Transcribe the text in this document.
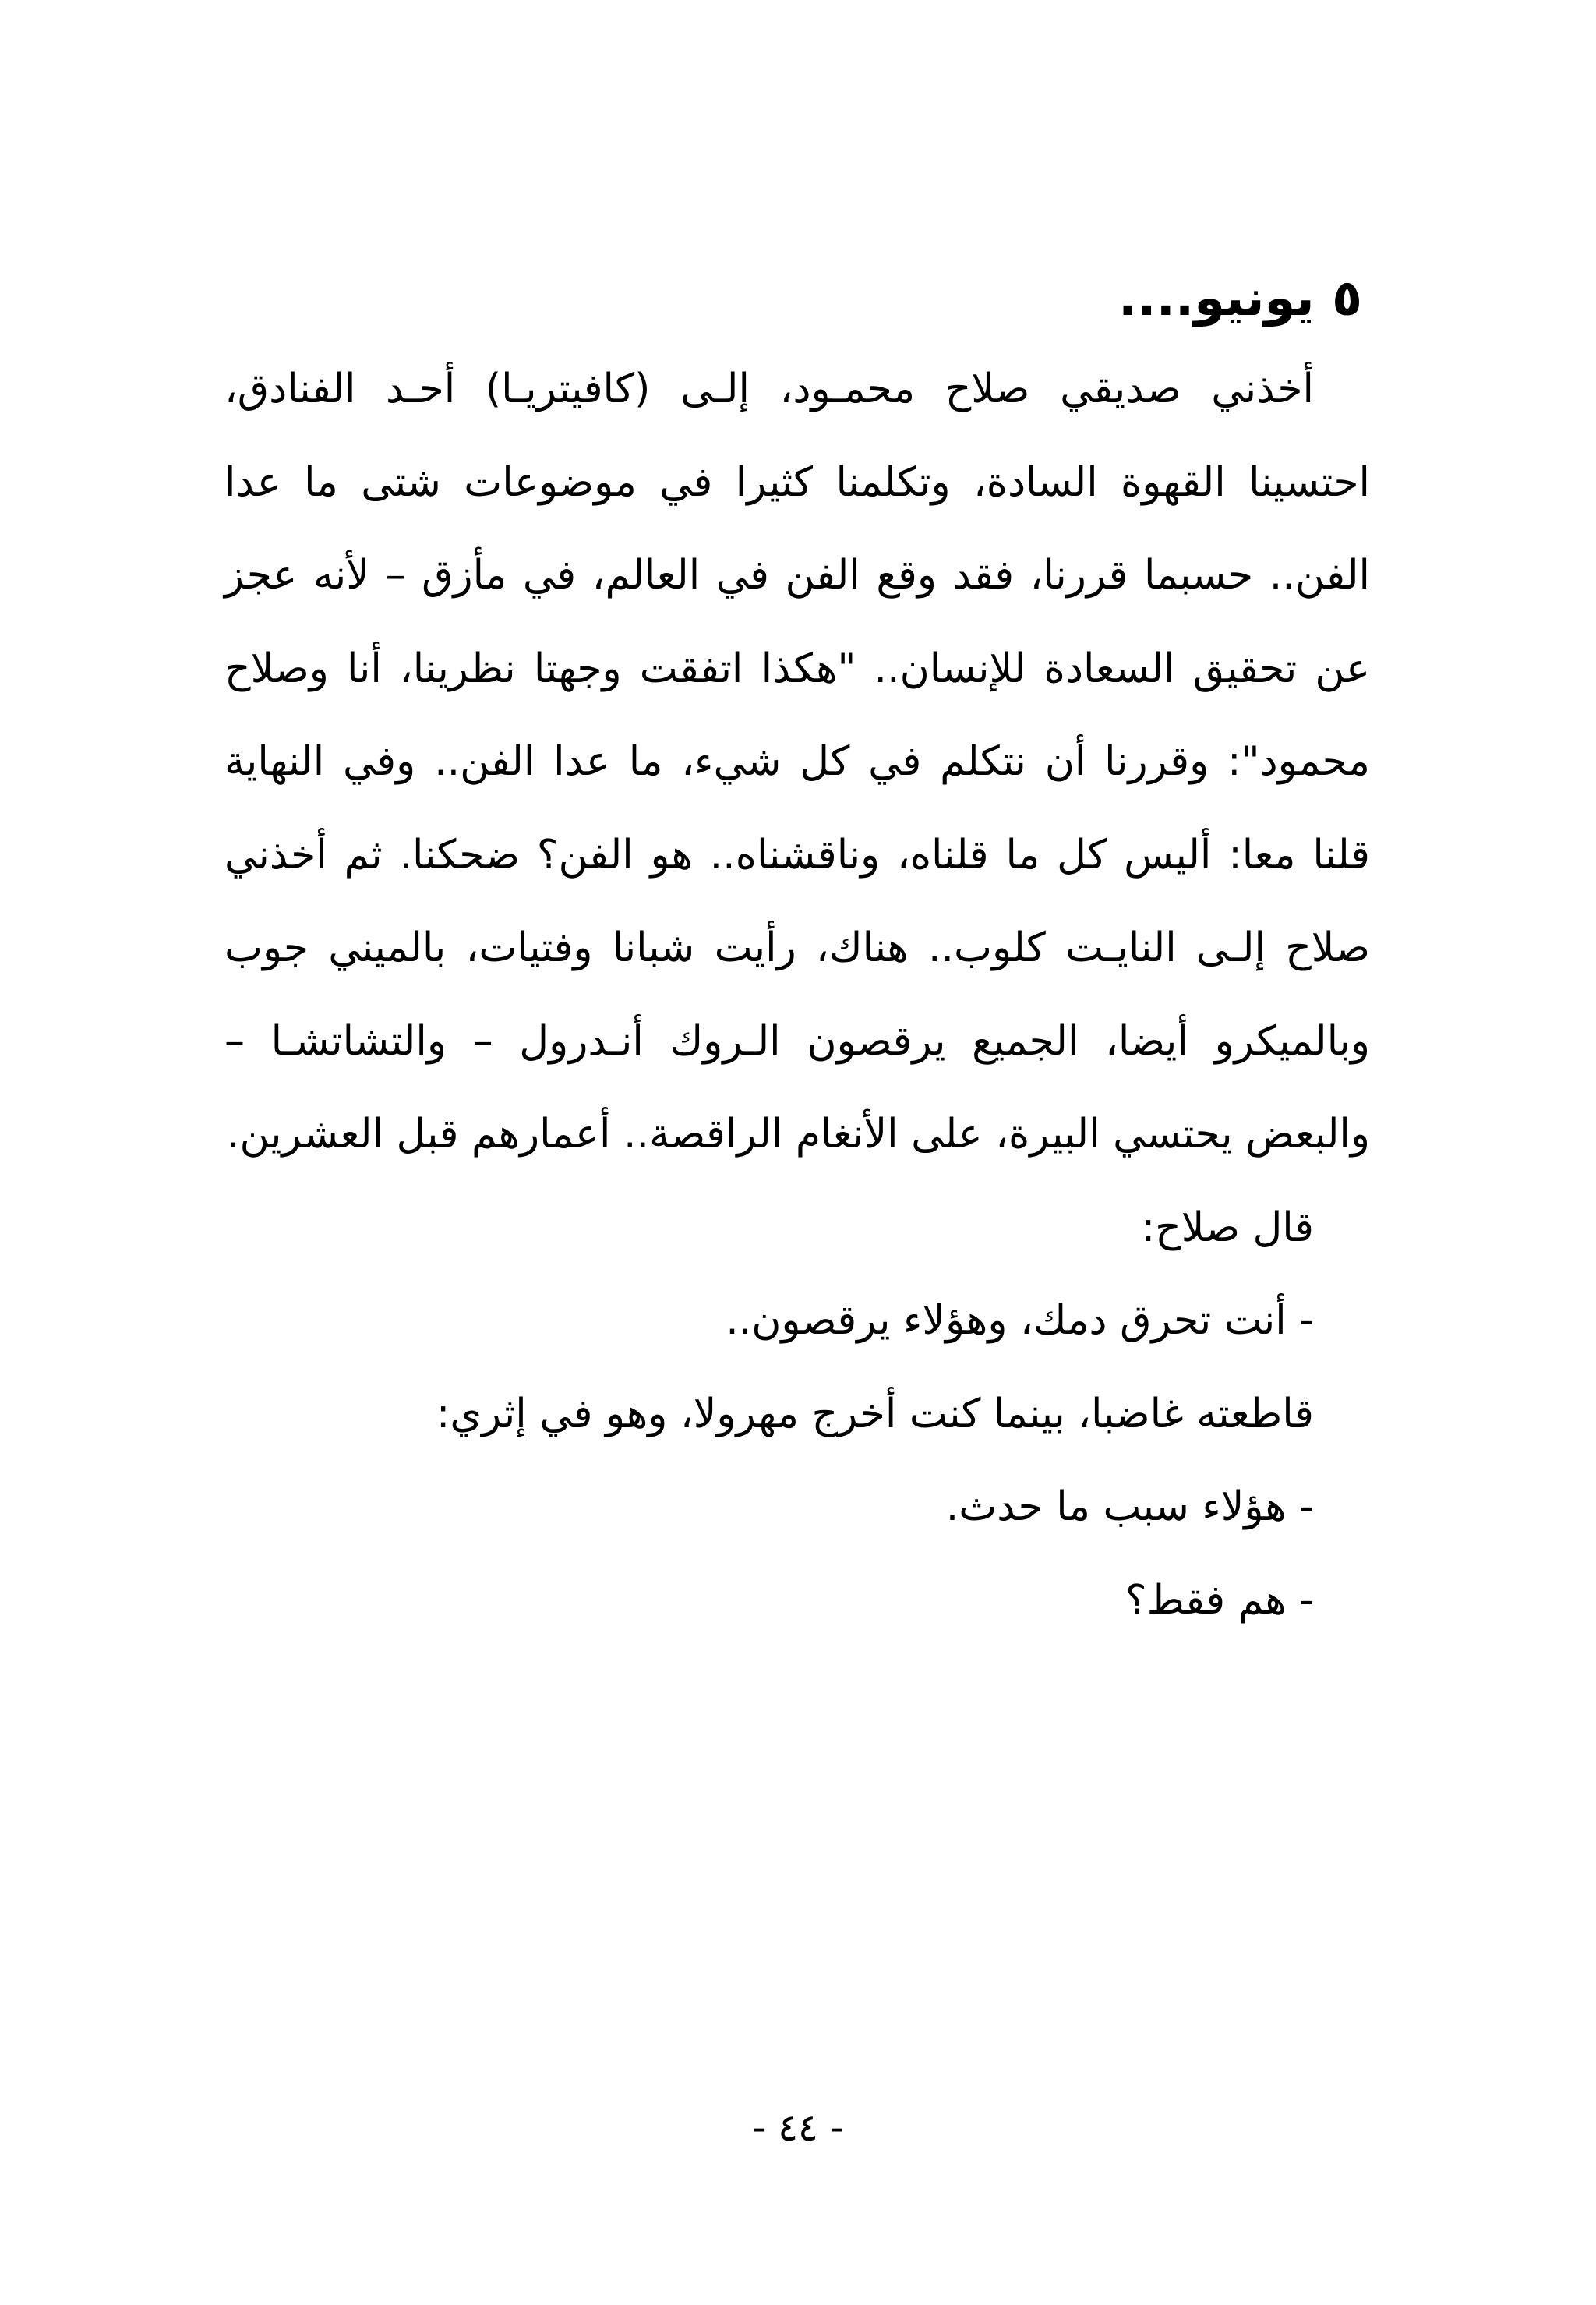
٥ يونيو....

أخذني صديقي صلاح محمـود، إلـى (كافيتريـا) أحـد الفنادق، احتسينا القهوة السادة، وتكلمنا كثيرا في موضوعات شتى ما عدا الفن.. حسبما قررنا، فقد وقع الفن في العالم، في مأزق – لأنه عجز عن تحقيق السعادة للإنسان.. "هكذا اتفقت وجهتا نظرينا، أنا وصلاح محمود": وقررنا أن نتكلم في كل شيء، ما عدا الفن.. وفي النهاية قلنا معا: أليس كل ما قلناه، وناقشناه.. هو الفن؟ ضحكنا. ثم أخذني صلاح إلـى النايـت كلوب.. هناك، رأيت شبانا وفتيات، بالميني جوب وبالميكرو أيضا، الجميع يرقصون الـروك أنـدرول – والتشاتشـا – والبعض يحتسي البيرة، على الأنغام الراقصة.. أعمارهم قبل العشرين.

قال صلاح:

- أنت تحرق دمك، وهؤلاء يرقصون..

قاطعته غاضبا، بينما كنت أخرج مهرولا، وهو في إثري:

- هؤلاء سبب ما حدث.

- هم فقط؟

- ٤٤ -
